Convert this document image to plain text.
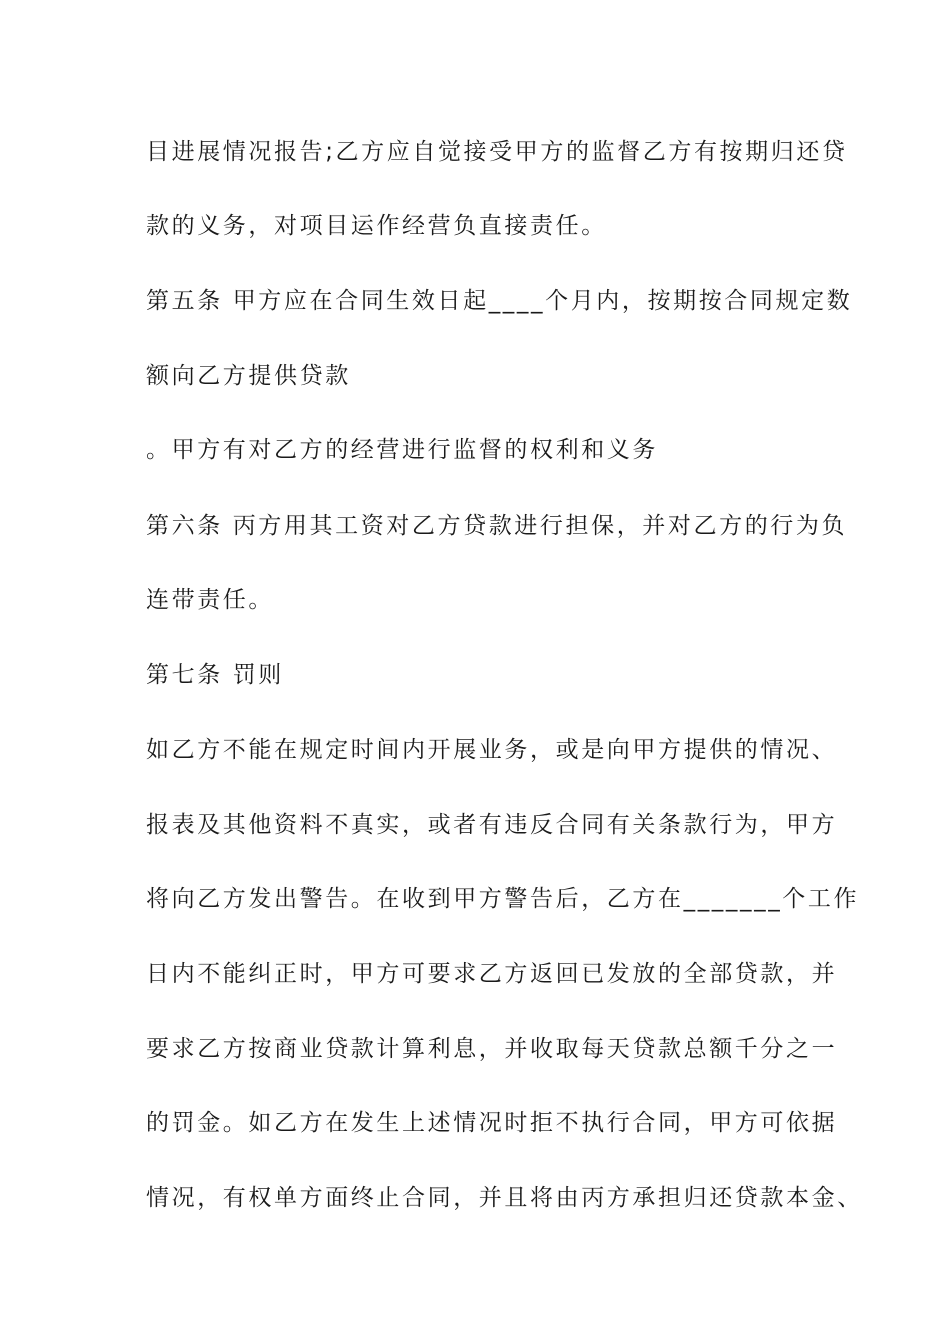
目进展情况报告;乙方应自觉接受甲方的监督乙方有按期归还贷
款的义务，对项目运作经营负直接责任。
第五条 甲方应在合同生效日起____个月内，按期按合同规定数
额向乙方提供贷款
。甲方有对乙方的经营进行监督的权利和义务
第六条 丙方用其工资对乙方贷款进行担保，并对乙方的行为负
连带责任。
第七条 罚则
如乙方不能在规定时间内开展业务，或是向甲方提供的情况、
报表及其他资料不真实，或者有违反合同有关条款行为，甲方
将向乙方发出警告。在收到甲方警告后，乙方在_______个工作
日内不能纠正时，甲方可要求乙方返回已发放的全部贷款，并
要求乙方按商业贷款计算利息，并收取每天贷款总额千分之一
的罚金。如乙方在发生上述情况时拒不执行合同，甲方可依据
情况，有权单方面终止合同，并且将由丙方承担归还贷款本金、
